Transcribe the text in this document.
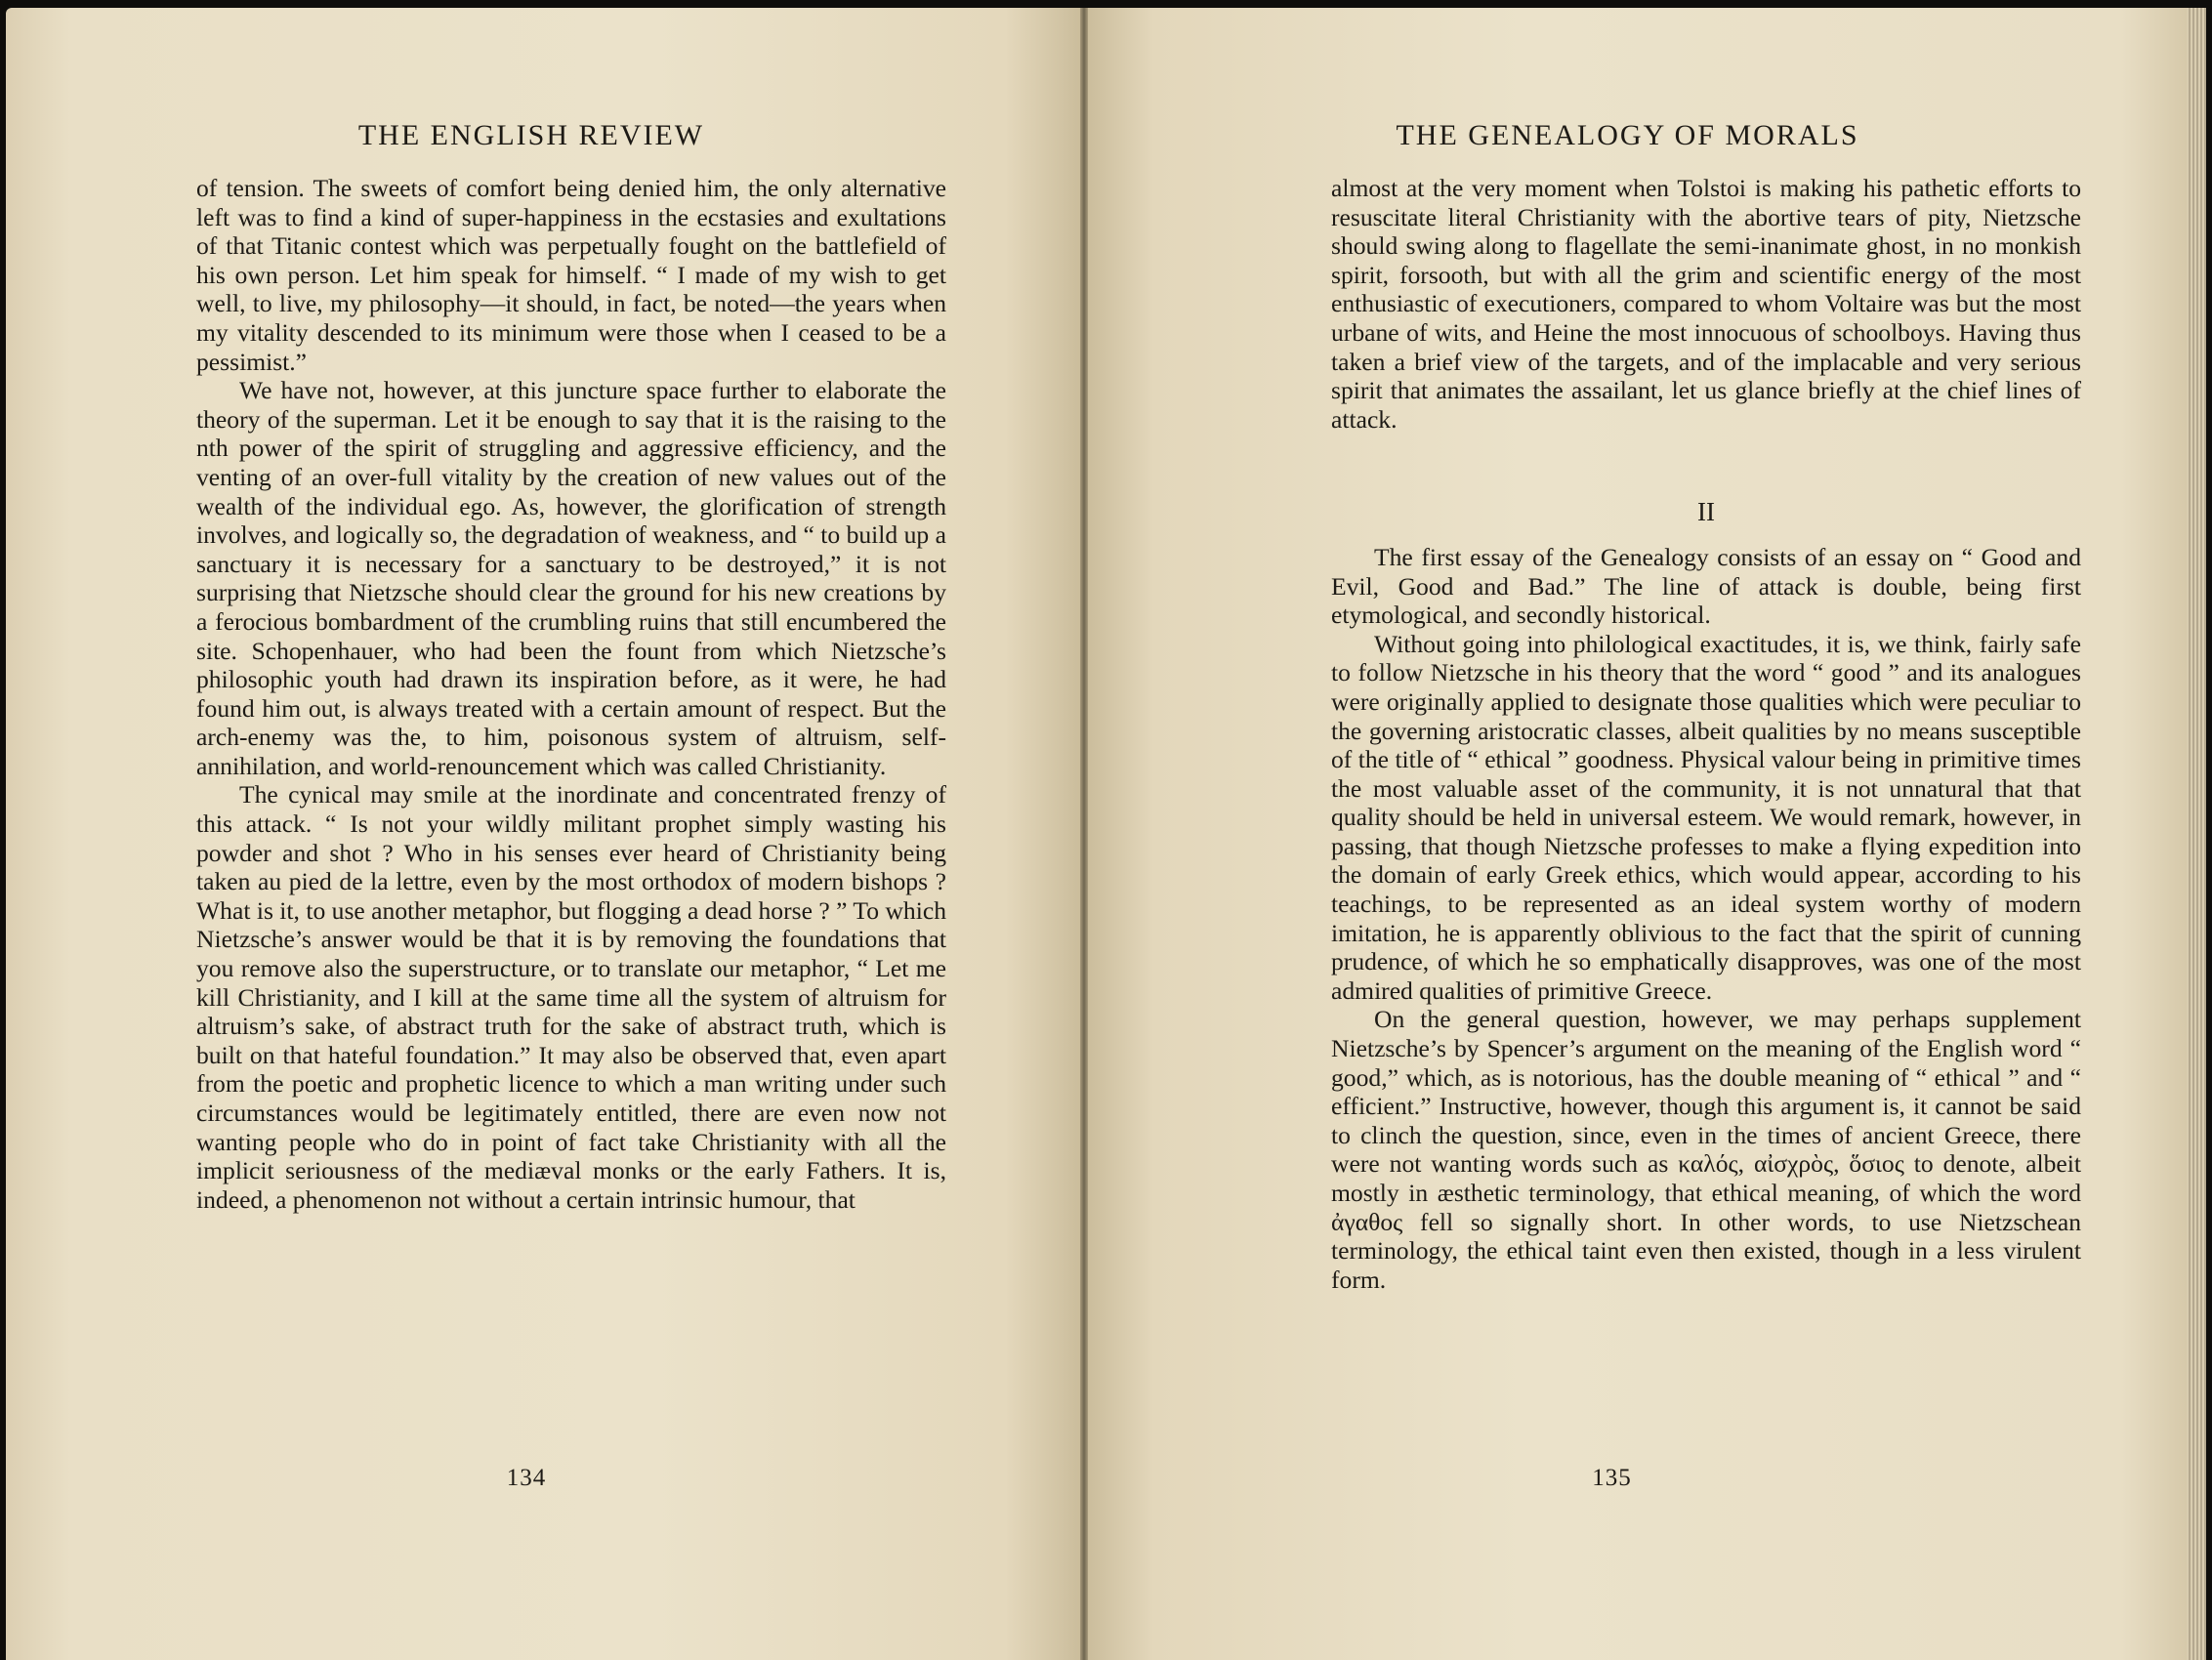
THE ENGLISH REVIEW

of tension. The sweets of comfort being denied him, the only alternative left was to find a kind of super-happiness in the ecstasies and exultations of that Titanic contest which was perpetually fought on the battlefield of his own person. Let him speak for himself. “ I made of my wish to get well, to live, my philosophy—it should, in fact, be noted—the years when my vitality descended to its minimum were those when I ceased to be a pessimist.”

We have not, however, at this juncture space further to elaborate the theory of the superman. Let it be enough to say that it is the raising to the nth power of the spirit of struggling and aggressive efficiency, and the venting of an over-full vitality by the creation of new values out of the wealth of the individual ego. As, however, the glorification of strength involves, and logically so, the degradation of weakness, and “ to build up a sanctuary it is necessary for a sanctuary to be destroyed,” it is not surprising that Nietzsche should clear the ground for his new creations by a ferocious bombardment of the crumbling ruins that still encumbered the site. Schopenhauer, who had been the fount from which Nietzsche’s philosophic youth had drawn its inspiration before, as it were, he had found him out, is always treated with a certain amount of respect. But the arch-enemy was the, to him, poisonous system of altruism, self-annihilation, and world-renouncement which was called Christianity.

The cynical may smile at the inordinate and concentrated frenzy of this attack. “ Is not your wildly militant prophet simply wasting his powder and shot ? Who in his senses ever heard of Christianity being taken au pied de la lettre, even by the most orthodox of modern bishops ? What is it, to use another metaphor, but flogging a dead horse ? ” To which Nietzsche’s answer would be that it is by removing the foundations that you remove also the superstructure, or to translate our metaphor, “ Let me kill Christianity, and I kill at the same time all the system of altruism for altruism’s sake, of abstract truth for the sake of abstract truth, which is built on that hateful foundation.” It may also be observed that, even apart from the poetic and prophetic licence to which a man writing under such circumstances would be legitimately entitled, there are even now not wanting people who do in point of fact take Christianity with all the implicit seriousness of the mediæval monks or the early Fathers. It is, indeed, a phenomenon not without a certain intrinsic humour, that

134
THE GENEALOGY OF MORALS

almost at the very moment when Tolstoi is making his pathetic efforts to resuscitate literal Christianity with the abortive tears of pity, Nietzsche should swing along to flagellate the semi-inanimate ghost, in no monkish spirit, forsooth, but with all the grim and scientific energy of the most enthusiastic of executioners, compared to whom Voltaire was but the most urbane of wits, and Heine the most innocuous of schoolboys. Having thus taken a brief view of the targets, and of the implacable and very serious spirit that animates the assailant, let us glance briefly at the chief lines of attack.

II

The first essay of the Genealogy consists of an essay on “ Good and Evil, Good and Bad.” The line of attack is double, being first etymological, and secondly historical.

Without going into philological exactitudes, it is, we think, fairly safe to follow Nietzsche in his theory that the word “ good ” and its analogues were originally applied to designate those qualities which were peculiar to the governing aristocratic classes, albeit qualities by no means susceptible of the title of “ ethical ” goodness. Physical valour being in primitive times the most valuable asset of the community, it is not unnatural that that quality should be held in universal esteem. We would remark, however, in passing, that though Nietzsche professes to make a flying expedition into the domain of early Greek ethics, which would appear, according to his teachings, to be represented as an ideal system worthy of modern imitation, he is apparently oblivious to the fact that the spirit of cunning prudence, of which he so emphatically disapproves, was one of the most admired qualities of primitive Greece.

On the general question, however, we may perhaps supplement Nietzsche’s by Spencer’s argument on the meaning of the English word “ good,” which, as is notorious, has the double meaning of “ ethical ” and “ efficient.” Instructive, however, though this argument is, it cannot be said to clinch the question, since, even in the times of ancient Greece, there were not wanting words such as καλός, αἰσχρὸς, ὅσιος to denote, albeit mostly in æsthetic terminology, that ethical meaning, of which the word ἀγαθος fell so signally short. In other words, to use Nietzschean terminology, the ethical taint even then existed, though in a less virulent form.

135
